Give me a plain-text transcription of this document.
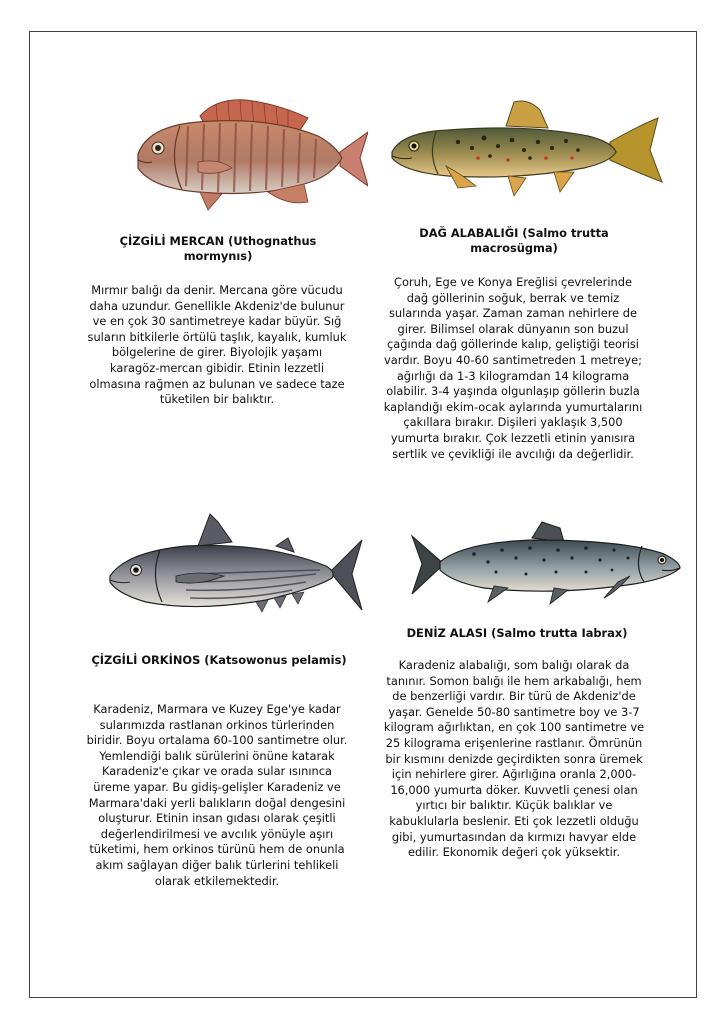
ÇİZGİLİ MERCAN (Uthognathus mormynıs)

Mırmır balığı da denir. Mercana göre vücudu daha uzundur. Genellikle Akdeniz'de bulunur ve en çok 30 santimetreye kadar büyür. Sığ suların bitkilerle örtülü taşlık, kayalık, kumluk bölgelerine de girer. Biyolojik yaşamı karagöz-mercan gibidir. Etinin lezzetli olmasına rağmen az bulunan ve sadece taze tüketilen bir balıktır.

DAĞ ALABALIĞI (Salmo trutta macrosügma)

Çoruh, Ege ve Konya Ereğlisi çevrelerinde dağ göllerinin soğuk, berrak ve temiz sularında yaşar. Zaman zaman nehirlere de girer. Bilimsel olarak dünyanın son buzul çağında dağ göllerinde kalıp, geliştiği teorisi vardır. Boyu 40-60 santimetreden 1 metreye; ağırlığı da 1-3 kilogramdan 14 kilograma olabilir. 3-4 yaşında olgunlaşıp göllerin buzla kaplandığı ekim-ocak aylarında yumurtalarını çakıllara bırakır. Dişileri yaklaşık 3,500 yumurta bırakır. Çok lezzetli etinin yanısıra sertlik ve çevikliği ile avcılığı da değerlidir.

ÇİZGİLİ ORKİNOS (Katsowonus pelamis)

Karadeniz, Marmara ve Kuzey Ege'ye kadar sularımızda rastlanan orkinos türlerinden biridir. Boyu ortalama 60-100 santimetre olur. Yemlendiği balık sürülerini önüne katarak Karadeniz'e çıkar ve orada sular ısınınca üreme yapar. Bu gidiş-gelişler Karadeniz ve Marmara'daki yerli balıkların doğal dengesini oluşturur. Etinin insan gıdası olarak çeşitli değerlendirilmesi ve avcılık yönüyle aşırı tüketimi, hem orkinos türünü hem de onunla akım sağlayan diğer balık türlerini tehlikeli olarak etkilemektedir.

DENİZ ALASI (Salmo trutta Iabrax)

Karadeniz alabalığı, som balığı olarak da tanınır. Somon balığı ile hem arkabalığı, hem de benzerliği vardır. Bir türü de Akdeniz'de yaşar. Genelde 50-80 santimetre boy ve 3-7 kilogram ağırlıktan, en çok 100 santimetre ve 25 kilograma erişenlerine rastlanır. Ömrünün bir kısmını denizde geçirdikten sonra üremek için nehirlere girer. Ağırlığına oranla 2,000-16,000 yumurta döker. Kuvvetli çenesi olan yırtıcı bir balıktır. Küçük balıklar ve kabuklularla beslenir. Eti çok lezzetli olduğu gibi, yumurtasından da kırmızı havyar elde edilir. Ekonomik değeri çok yüksektir.
